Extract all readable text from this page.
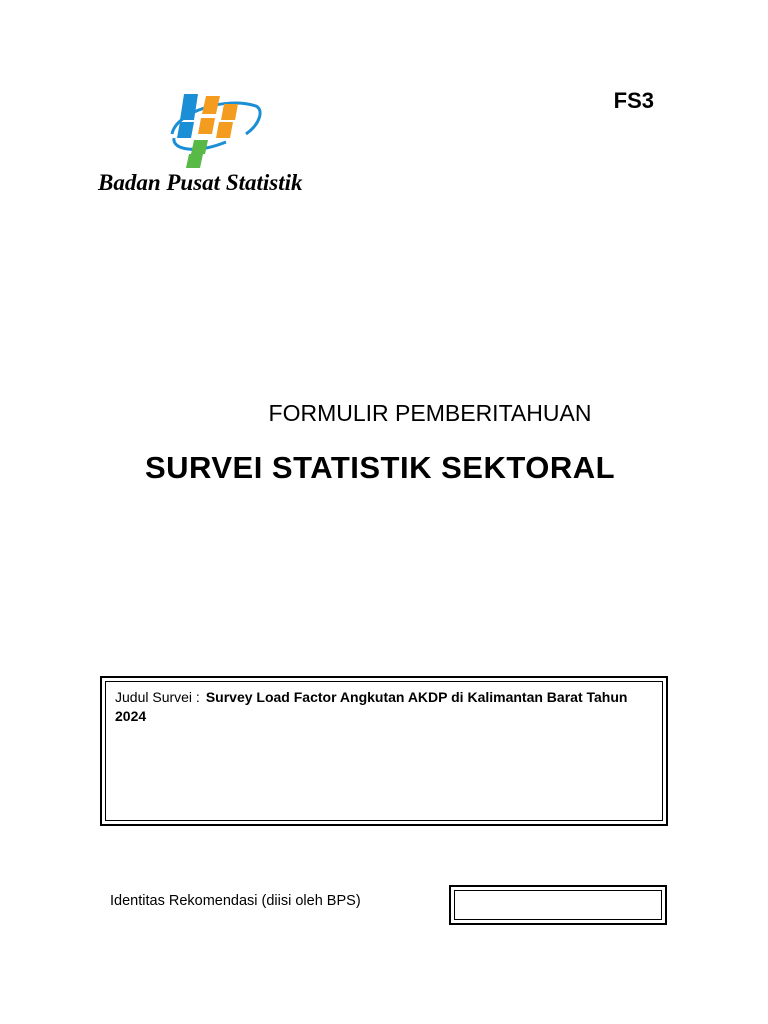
Badan Pusat Statistik
FS3
FORMULIR PEMBERITAHUAN
SURVEI STATISTIK SEKTORAL
Judul Survei : Survey Load Factor Angkutan AKDP di Kalimantan Barat Tahun 2024
Identitas Rekomendasi (diisi oleh BPS)
